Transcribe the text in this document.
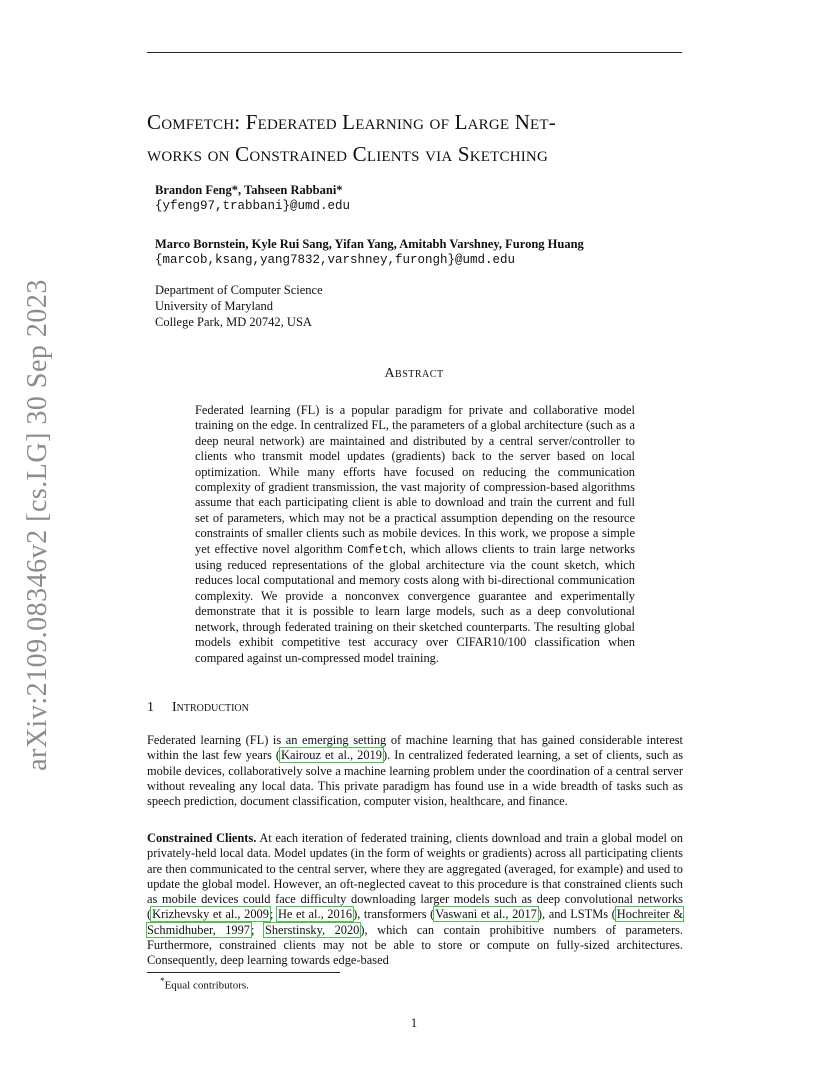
arXiv:2109.08346v2 [cs.LG] 30 Sep 2023
Comfetch: Federated Learning of Large Net-
works on Constrained Clients via Sketching
Brandon Feng*, Tahseen Rabbani*
{yfeng97,trabbani}@umd.edu
Marco Bornstein, Kyle Rui Sang, Yifan Yang, Amitabh Varshney, Furong Huang
{marcob,ksang,yang7832,varshney,furongh}@umd.edu
Department of Computer Science
University of Maryland
College Park, MD 20742, USA
Abstract
Federated learning (FL) is a popular paradigm for private and collaborative model training on the edge. In centralized FL, the parameters of a global architecture (such as a deep neural network) are maintained and distributed by a central server/controller to clients who transmit model updates (gradients) back to the server based on local optimization. While many efforts have focused on reducing the communication complexity of gradient transmission, the vast majority of compression-based algorithms assume that each participating client is able to download and train the current and full set of parameters, which may not be a practical assumption depending on the resource constraints of smaller clients such as mobile devices. In this work, we propose a simple yet effective novel algorithm Comfetch, which allows clients to train large networks using reduced representations of the global architecture via the count sketch, which reduces local computational and memory costs along with bi-directional communication complexity. We provide a nonconvex convergence guarantee and experimentally demonstrate that it is possible to learn large models, such as a deep convolutional network, through federated training on their sketched counterparts. The resulting global models exhibit competitive test accuracy over CIFAR10/100 classification when compared against un-compressed model training.
1 Introduction
Federated learning (FL) is an emerging setting of machine learning that has gained considerable interest within the last few years (Kairouz et al., 2019). In centralized federated learning, a set of clients, such as mobile devices, collaboratively solve a machine learning problem under the coordination of a central server without revealing any local data. This private paradigm has found use in a wide breadth of tasks such as speech prediction, document classification, computer vision, healthcare, and finance.
Constrained Clients. At each iteration of federated training, clients download and train a global model on privately-held local data. Model updates (in the form of weights or gradients) across all participating clients are then communicated to the central server, where they are aggregated (averaged, for example) and used to update the global model. However, an oft-neglected caveat to this procedure is that constrained clients such as mobile devices could face difficulty downloading larger models such as deep convolutional networks (Krizhevsky et al., 2009; He et al., 2016), transformers (Vaswani et al., 2017), and LSTMs (Hochreiter & Schmidhuber, 1997; Sherstinsky, 2020), which can contain prohibitive numbers of parameters. Furthermore, constrained clients may not be able to store or compute on fully-sized architectures. Consequently, deep learning towards edge-based
*Equal contributors.
1
